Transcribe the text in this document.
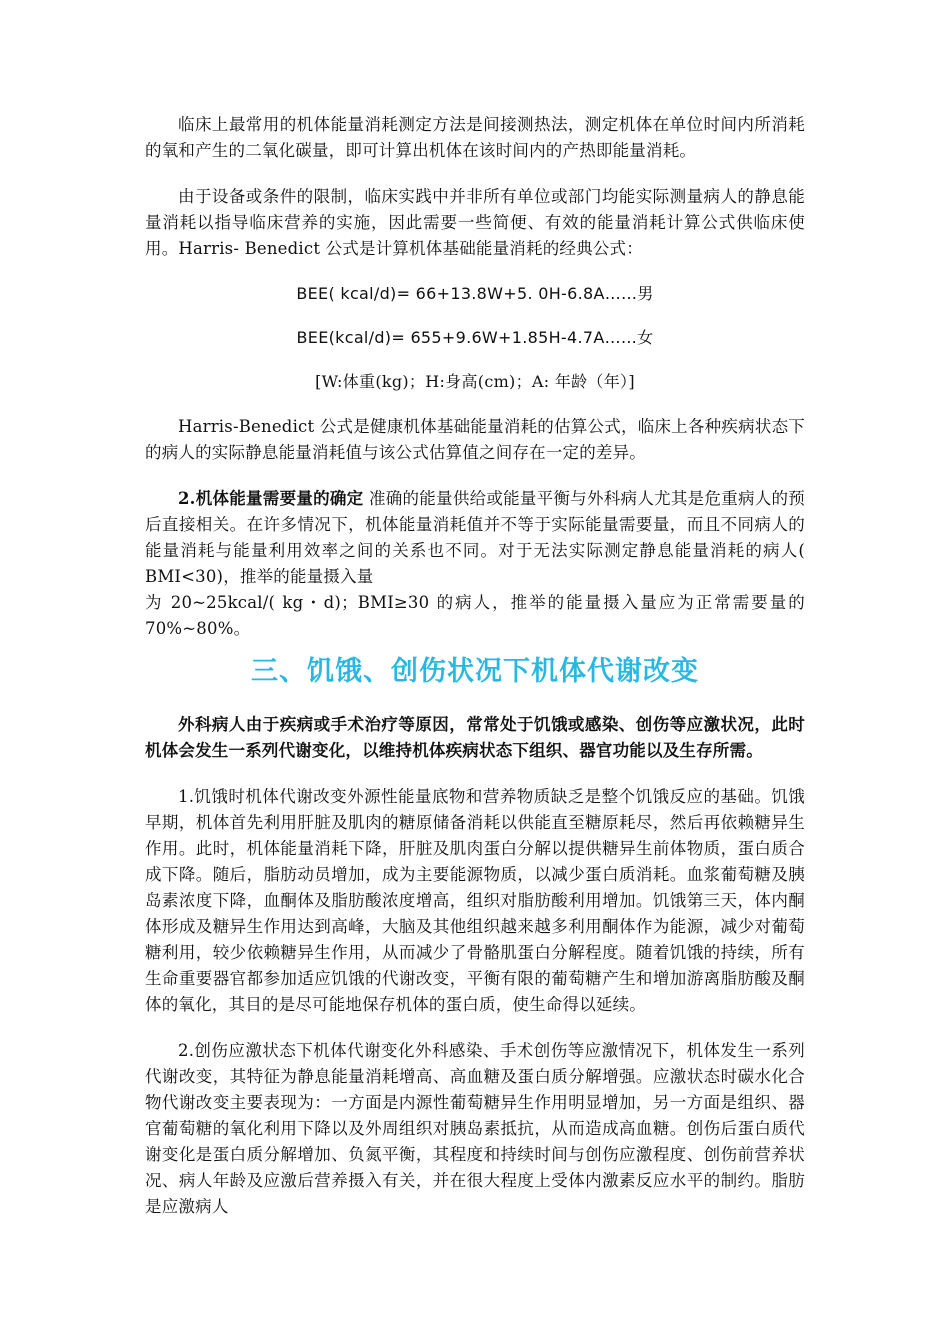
临床上最常用的机体能量消耗测定方法是间接测热法，测定机体在单位时间内所消耗的氧和产生的二氧化碳量，即可计算出机体在该时间内的产热即能量消耗。

由于设备或条件的限制，临床实践中并非所有单位或部门均能实际测量病人的静息能量消耗以指导临床营养的实施，因此需要一些简便、有效的能量消耗计算公式供临床使用。Harris- Benedict 公式是计算机体基础能量消耗的经典公式：

BEE( kcal/d)= 66+13.8W+5. 0H-6.8A……男

BEE(kcal/d)= 655+9.6W+1.85H-4.7A……女

[W:体重(kg)；H:身高(cm)；A: 年龄（年）]

Harris-Benedict 公式是健康机体基础能量消耗的估算公式，临床上各种疾病状态下的病人的实际静息能量消耗值与该公式估算值之间存在一定的差异。

2.机体能量需要量的确定 准确的能量供给或能量平衡与外科病人尤其是危重病人的预后直接相关。在许多情况下，机体能量消耗值并不等于实际能量需要量，而且不同病人的能量消耗与能量利用效率之间的关系也不同。对于无法实际测定静息能量消耗的病人( BMI<30)，推举的能量摄入量
为 20~25kcal/( kg・d)；BMI≥30 的病人，推举的能量摄入量应为正常需要量的 70%~80%。

三、饥饿、创伤状况下机体代谢改变

外科病人由于疾病或手术治疗等原因，常常处于饥饿或感染、创伤等应激状况，此时机体会发生一系列代谢变化，以维持机体疾病状态下组织、器官功能以及生存所需。

1.饥饿时机体代谢改变外源性能量底物和营养物质缺乏是整个饥饿反应的基础。饥饿早期，机体首先利用肝脏及肌肉的糖原储备消耗以供能直至糖原耗尽，然后再依赖糖异生作用。此时，机体能量消耗下降，肝脏及肌肉蛋白分解以提供糖异生前体物质，蛋白质合成下降。随后，脂肪动员增加，成为主要能源物质，以减少蛋白质消耗。血浆葡萄糖及胰岛素浓度下降，血酮体及脂肪酸浓度增高，组织对脂肪酸利用增加。饥饿第三天，体内酮体形成及糖异生作用达到高峰，大脑及其他组织越来越多利用酮体作为能源，减少对葡萄糖利用，较少依赖糖异生作用，从而减少了骨骼肌蛋白分解程度。随着饥饿的持续，所有生命重要器官都参加适应饥饿的代谢改变，平衡有限的葡萄糖产生和增加游离脂肪酸及酮体的氧化，其目的是尽可能地保存机体的蛋白质，使生命得以延续。

2.创伤应激状态下机体代谢变化外科感染、手术创伤等应激情况下，机体发生一系列代谢改变，其特征为静息能量消耗增高、高血糖及蛋白质分解增强。应激状态时碳水化合物代谢改变主要表现为：一方面是内源性葡萄糖异生作用明显增加，另一方面是组织、器官葡萄糖的氧化利用下降以及外周组织对胰岛素抵抗，从而造成高血糖。创伤后蛋白质代谢变化是蛋白质分解增加、负氮平衡，其程度和持续时间与创伤应激程度、创伤前营养状况、病人年龄及应激后营养摄入有关，并在很大程度上受体内激素反应水平的制约。脂肪是应激病人
